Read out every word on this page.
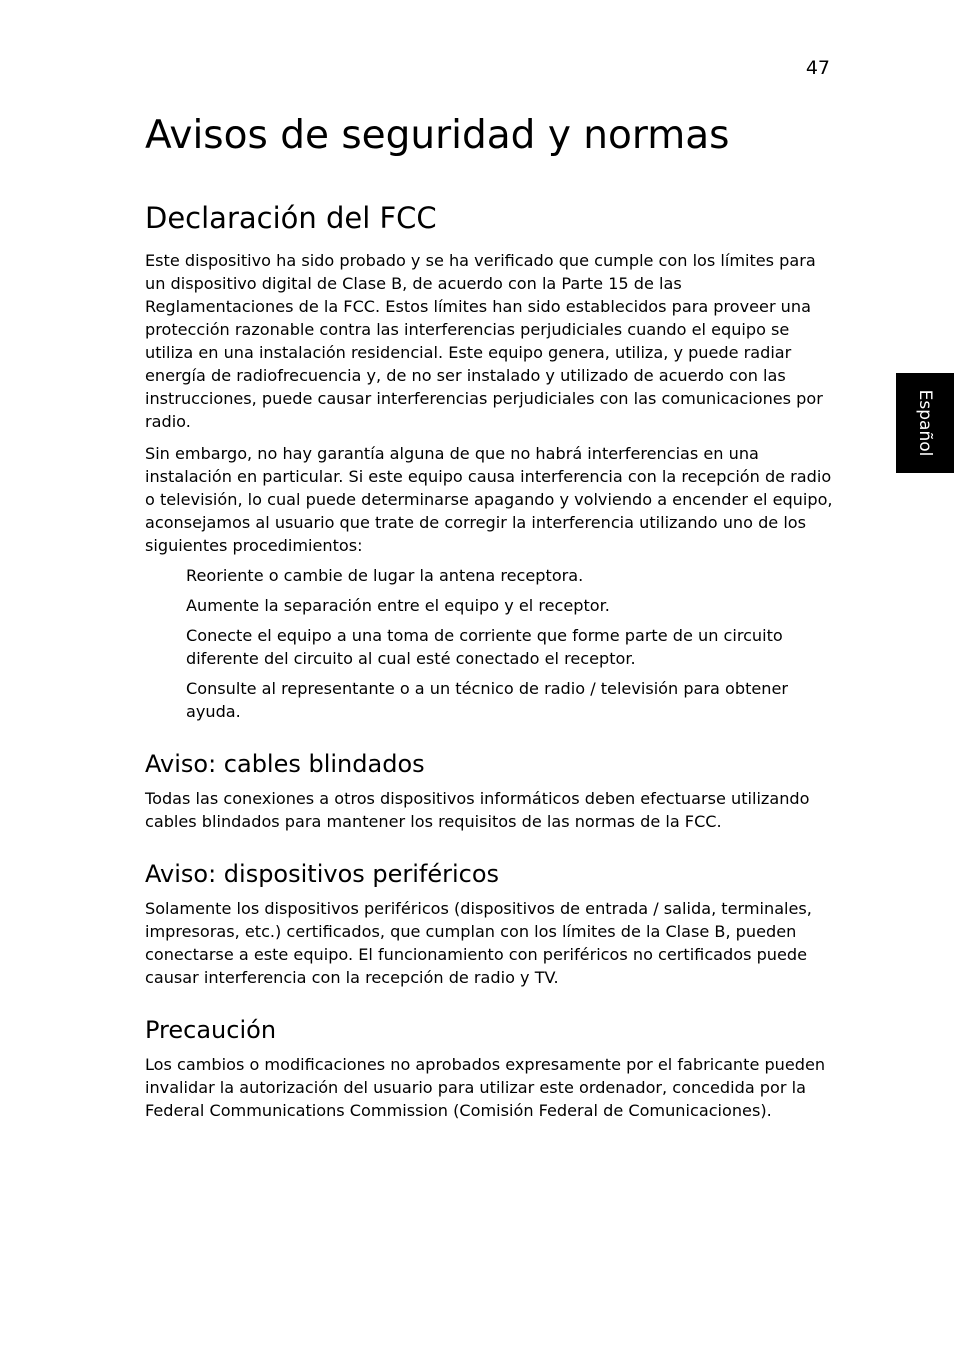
47
Español
Avisos de seguridad y normas
Declaración del FCC

Este dispositivo ha sido probado y se ha verificado que cumple con los límites para un dispositivo digital de Clase B, de acuerdo con la Parte 15 de las Reglamentaciones de la FCC. Estos límites han sido establecidos para proveer una protección razonable contra las interferencias perjudiciales cuando el equipo se utiliza en una instalación residencial. Este equipo genera, utiliza, y puede radiar energía de radiofrecuencia y, de no ser instalado y utilizado de acuerdo con las instrucciones, puede causar interferencias perjudiciales con las comunicaciones por radio.

Sin embargo, no hay garantía alguna de que no habrá interferencias en una instalación en particular. Si este equipo causa interferencia con la recepción de radio o televisión, lo cual puede determinarse apagando y volviendo a encender el equipo, aconsejamos al usuario que trate de corregir la interferencia utilizando uno de los siguientes procedimientos:

Reoriente o cambie de lugar la antena receptora.
Aumente la separación entre el equipo y el receptor.
Conecte el equipo a una toma de corriente que forme parte de un circuito diferente del circuito al cual esté conectado el receptor.
Consulte al representante o a un técnico de radio / televisión para obtener ayuda.
Aviso: cables blindados

Todas las conexiones a otros dispositivos informáticos deben efectuarse utilizando cables blindados para mantener los requisitos de las normas de la FCC.

Aviso: dispositivos periféricos

Solamente los dispositivos periféricos (dispositivos de entrada / salida, terminales, impresoras, etc.) certificados, que cumplan con los límites de la Clase B, pueden conectarse a este equipo. El funcionamiento con periféricos no certificados puede causar interferencia con la recepción de radio y TV.

Precaución

Los cambios o modificaciones no aprobados expresamente por el fabricante pueden invalidar la autorización del usuario para utilizar este ordenador, concedida por la Federal Communications Commission (Comisión Federal de Comunicaciones).
